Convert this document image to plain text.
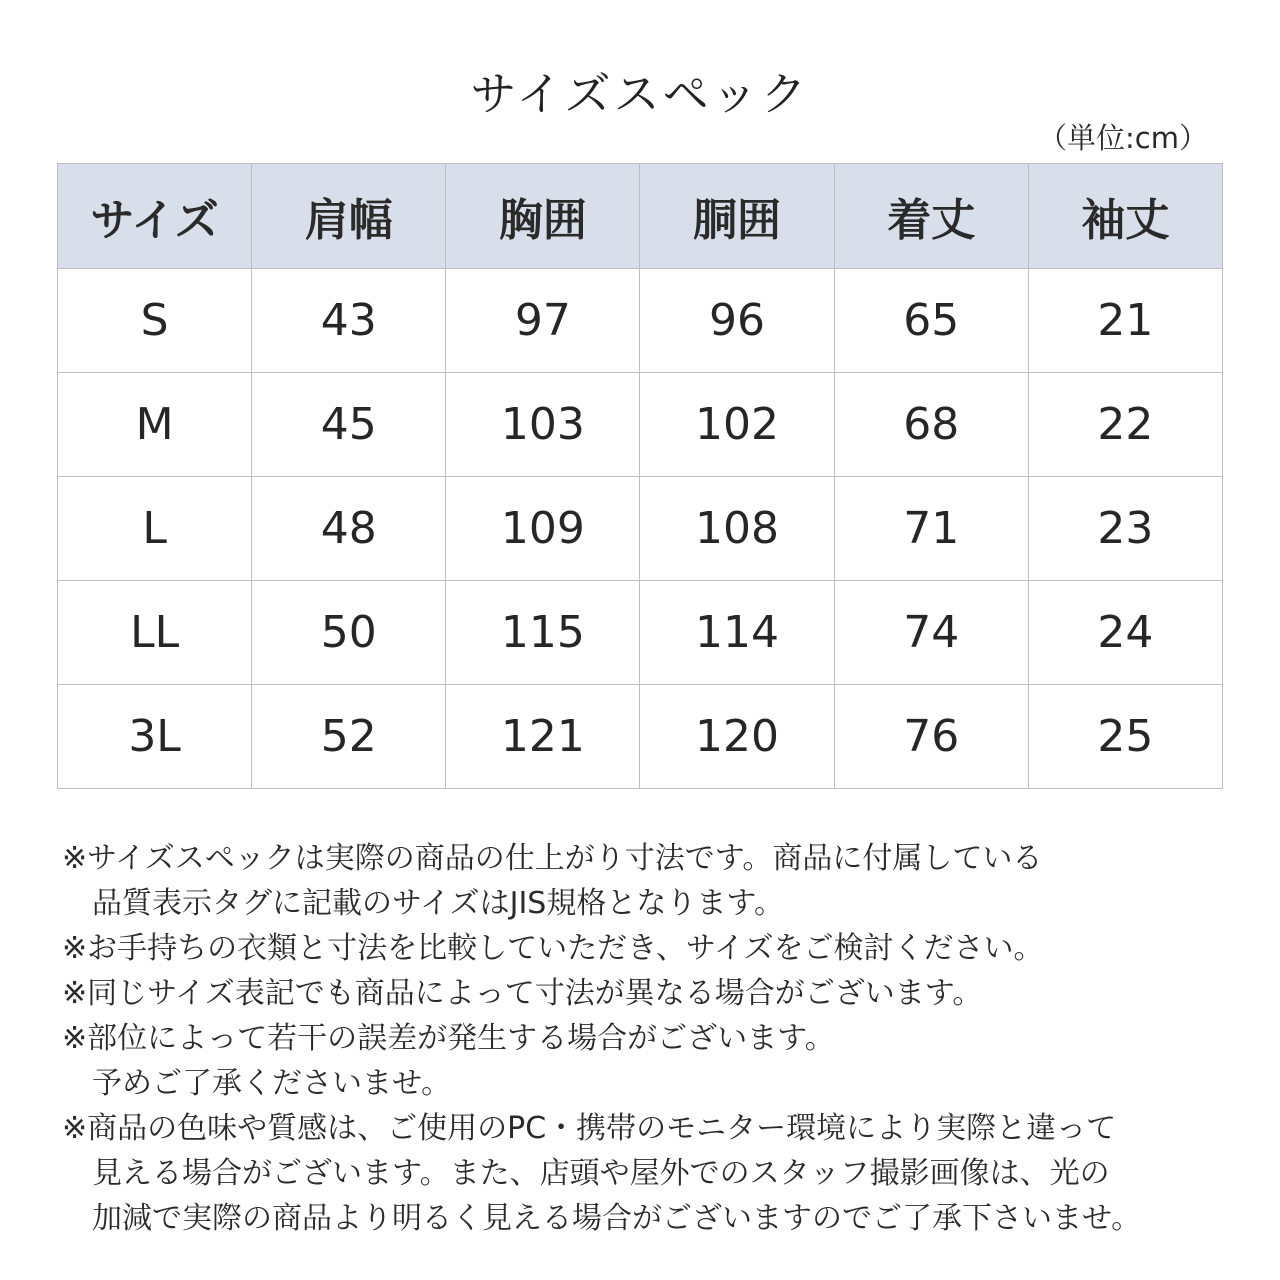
サイズスペック
（単位:cm）
サイズ	肩幅	胸囲	胴囲	着丈	袖丈
S	43	97	96	65	21
M	45	103	102	68	22
L	48	109	108	71	23
LL	50	115	114	74	24
3L	52	121	120	76	25

※サイズスペックは実際の商品の仕上がり寸法です。商品に付属している
品質表示タグに記載のサイズはJIS規格となります。

※お手持ちの衣類と寸法を比較していただき、サイズをご検討ください。

※同じサイズ表記でも商品によって寸法が異なる場合がございます。

※部位によって若干の誤差が発生する場合がございます。
予めご了承くださいませ。

※商品の色味や質感は、ご使用のPC・携帯のモニター環境により実際と違って
見える場合がございます。また、店頭や屋外でのスタッフ撮影画像は、光の
加減で実際の商品より明るく見える場合がございますのでご了承下さいませ。
